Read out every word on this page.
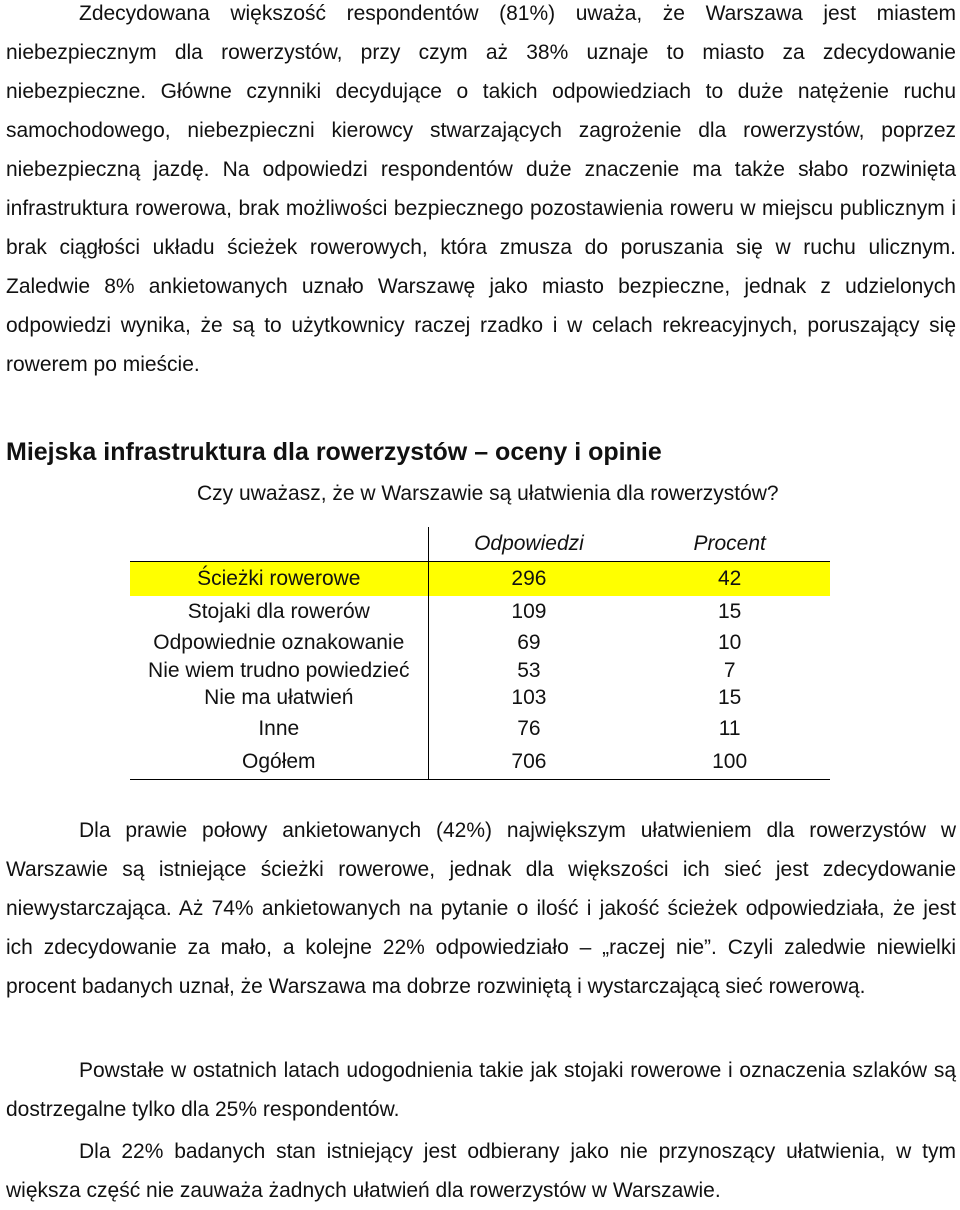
Zdecydowana większość respondentów (81%) uważa, że Warszawa jest miastem niebezpiecznym dla rowerzystów, przy czym aż 38% uznaje to miasto za zdecydowanie niebezpieczne. Główne czynniki decydujące o takich odpowiedziach to duże natężenie ruchu samochodowego, niebezpieczni kierowcy stwarzających zagrożenie dla rowerzystów, poprzez niebezpieczną jazdę. Na odpowiedzi respondentów duże znaczenie ma także słabo rozwinięta infrastruktura rowerowa, brak możliwości bezpiecznego pozostawienia roweru w miejscu publicznym i brak ciągłości układu ścieżek rowerowych, która zmusza do poruszania się w ruchu ulicznym. Zaledwie 8% ankietowanych uznało Warszawę jako miasto bezpieczne, jednak z udzielonych odpowiedzi wynika, że są to użytkownicy raczej rzadko i w celach rekreacyjnych, poruszający się rowerem po mieście.

Miejska infrastruktura dla rowerzystów – oceny i opinie

Czy uważasz, że w Warszawie są ułatwienia dla rowerzystów?

	Odpowiedzi	Procent
Ścieżki rowerowe	296	42
Stojaki dla rowerów	109	15
Odpowiednie oznakowanie	69	10
Nie wiem trudno powiedzieć	53	7
Nie ma ułatwień	103	15
Inne	76	11
Ogółem	706	100

Dla prawie połowy ankietowanych (42%) największym ułatwieniem dla rowerzystów w Warszawie są istniejące ścieżki rowerowe, jednak dla większości ich sieć jest zdecydowanie niewystarczająca. Aż 74% ankietowanych na pytanie o ilość i jakość ścieżek odpowiedziała, że jest ich zdecydowanie za mało, a kolejne 22% odpowiedziało – „raczej nie”. Czyli zaledwie niewielki procent badanych uznał, że Warszawa ma dobrze rozwiniętą i wystarczającą sieć rowerową.

Powstałe w ostatnich latach udogodnienia takie jak stojaki rowerowe i oznaczenia szlaków są dostrzegalne tylko dla 25% respondentów.

Dla 22% badanych stan istniejący jest odbierany jako nie przynoszący ułatwienia, w tym większa część nie zauważa żadnych ułatwień dla rowerzystów w Warszawie.
